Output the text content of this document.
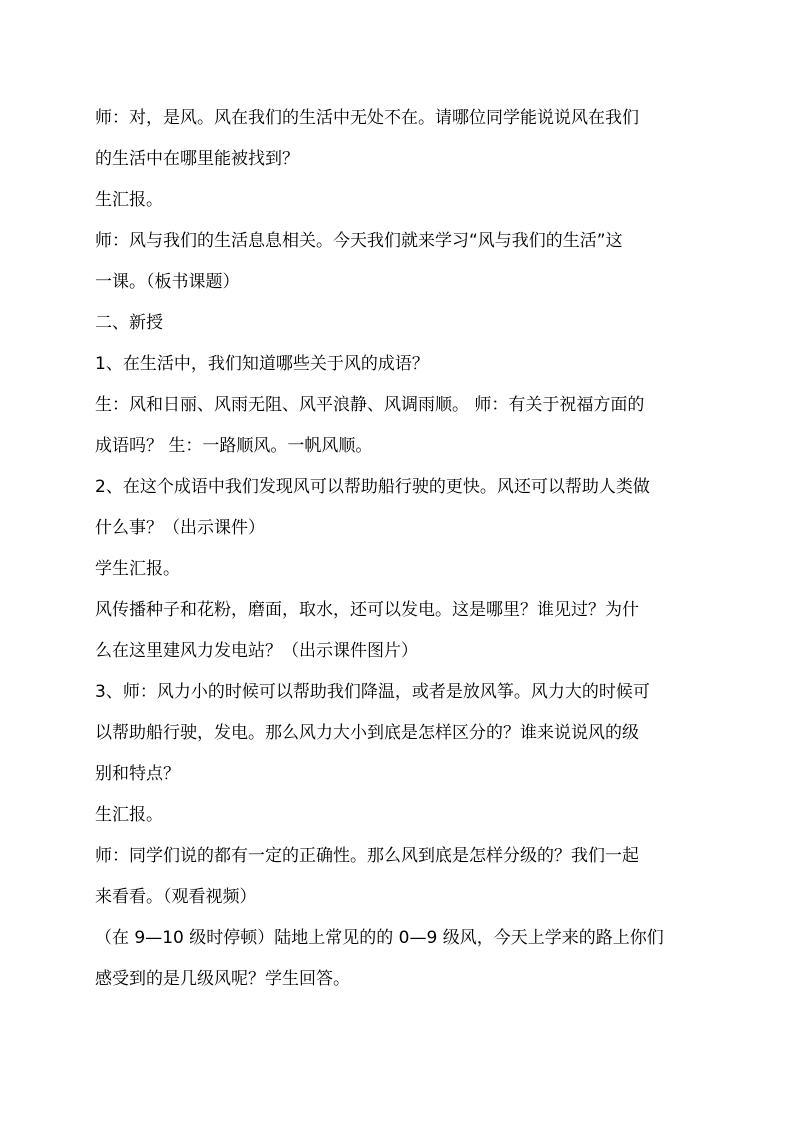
师：对，是风。风在我们的生活中无处不在。请哪位同学能说说风在我们
的生活中在哪里能被找到？
生汇报。
师：风与我们的生活息息相关。今天我们就来学习“风与我们的生活”这
一课。（板书课题）
二、新授
1、在生活中，我们知道哪些关于风的成语？
生：风和日丽、风雨无阻、风平浪静、风调雨顺。 师：有关于祝福方面的
成语吗？ 生：一路顺风。一帆风顺。
2、在这个成语中我们发现风可以帮助船行驶的更快。风还可以帮助人类做
什么事？（出示课件）
学生汇报。
风传播种子和花粉，磨面，取水，还可以发电。这是哪里？谁见过？为什
么在这里建风力发电站？（出示课件图片）
3、师：风力小的时候可以帮助我们降温，或者是放风筝。风力大的时候可
以帮助船行驶，发电。那么风力大小到底是怎样区分的？谁来说说风的级
别和特点？
生汇报。
师：同学们说的都有一定的正确性。那么风到底是怎样分级的？我们一起
来看看。（观看视频）
（在 9—10 级时停顿）陆地上常见的的 0—9 级风，今天上学来的路上你们
感受到的是几级风呢？学生回答。
